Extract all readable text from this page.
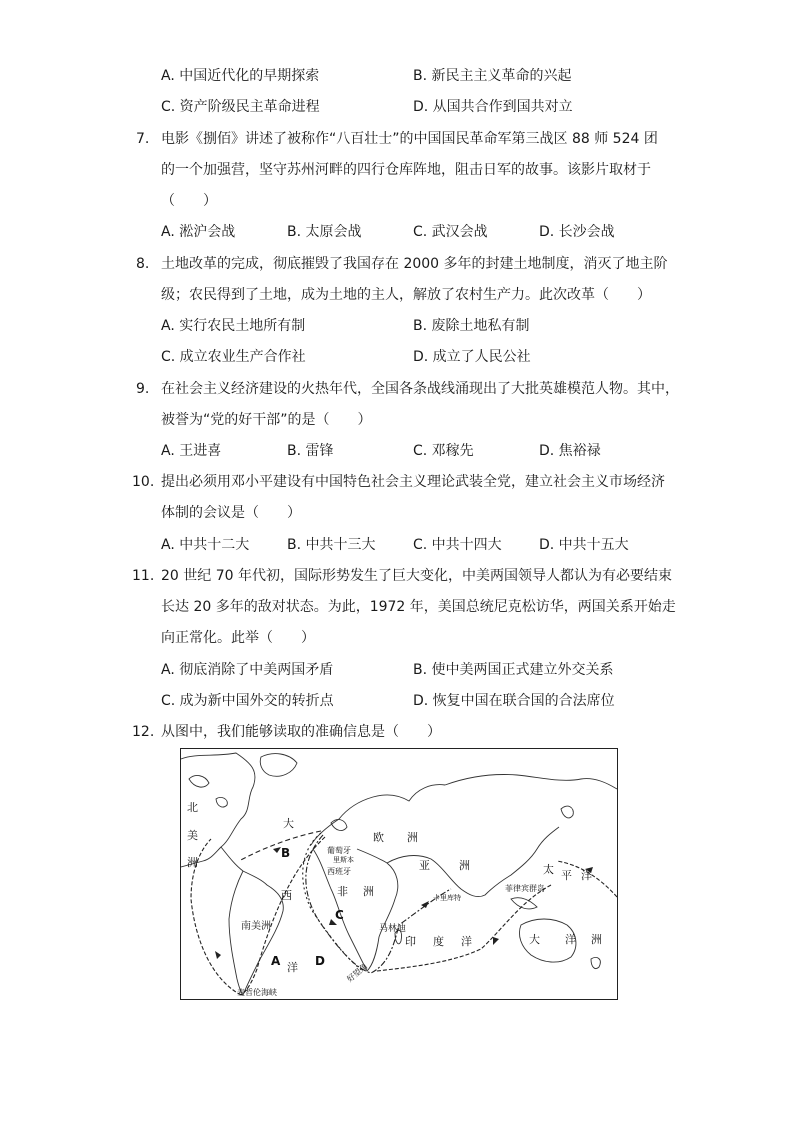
A. 中国近代化的早期探索	B. 新民主主义革命的兴起
C. 资产阶级民主革命进程	D. 从国共合作到国共对立
7. 电影《捌佰》讲述了被称作“八百壮士”的中国国民革命军第三战区 88 师 524 团
的一个加强营，坚守苏州河畔的四行仓库阵地，阻击日军的故事。该影片取材于
（　　）
A. 淞沪会战	B. 太原会战	C. 武汉会战	D. 长沙会战
8. 土地改革的完成，彻底摧毁了我国存在 2000 多年的封建土地制度，消灭了地主阶
级；农民得到了土地，成为土地的主人，解放了农村生产力。此次改革（　　）
A. 实行农民土地所有制	B. 废除土地私有制
C. 成立农业生产合作社	D. 成立了人民公社
9. 在社会主义经济建设的火热年代，全国各条战线涌现出了大批英雄模范人物。其中，
被誉为“党的好干部”的是（　　）
A. 王进喜	B. 雷锋	C. 邓稼先	D. 焦裕禄
10. 提出必须用邓小平建设有中国特色社会主义理论武装全党，建立社会主义市场经济
体制的会议是（　　）
A. 中共十二大	B. 中共十三大	C. 中共十四大	D. 中共十五大
11. 20 世纪 70 年代初，国际形势发生了巨大变化，中美两国领导人都认为有必要结束
长达 20 多年的敌对状态。为此，1972 年，美国总统尼克松访华，两国关系开始走
向正常化。此举（　　）
A. 彻底消除了中美两国矛盾	B. 使中美两国正式建立外交关系
C. 成为新中国外交的转折点	D. 恢复中国在联合国的合法席位
12. 从图中，我们能够读取的准确信息是（　　）
北
美
洲
大
欧 洲
葡萄牙
里斯本
西班牙
西	非 洲
亚	洲
卡里库特
太 平 洋
菲律宾群岛
马林迪
南美洲
洋
印 度 洋	大 洋 洲
好望角
麦哲伦海峡
B
C
A	D
